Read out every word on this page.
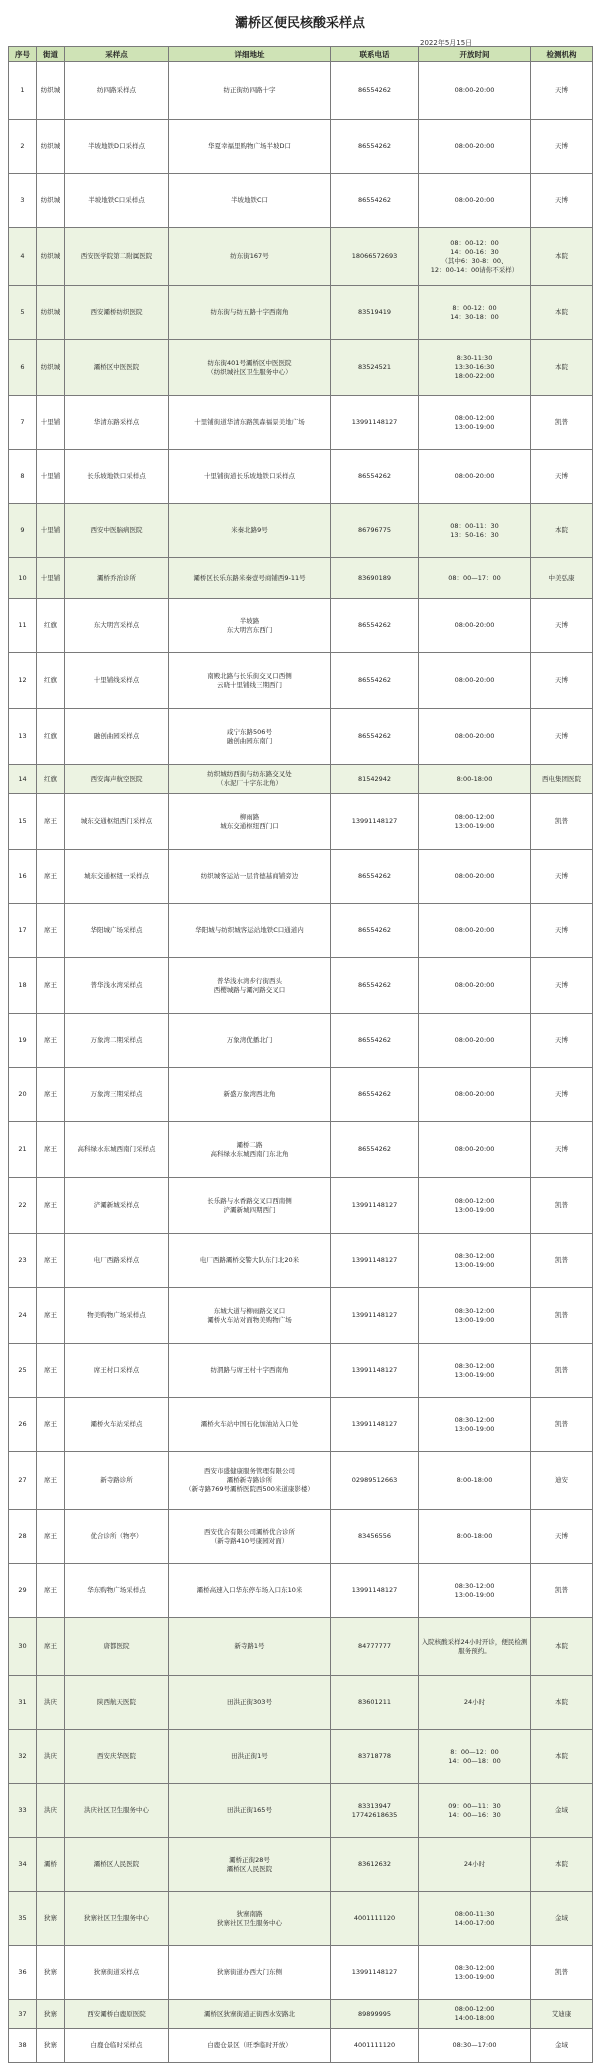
灞桥区便民核酸采样点
2022年5月15日
序号	街道	采样点	详细地址	联系电话	开放时间	检测机构
1	纺织城	纺四路采样点	纺正街纺四路十字	86554262	08:00-20:00	天博
2	纺织城	半坡地铁D口采样点	华夏幸福里购物广场半坡D口	86554262	08:00-20:00	天博
3	纺织城	半坡地铁C口采样点	半坡地铁C口	86554262	08:00-20:00	天博
4	纺织城	西安医学院第二附属医院	纺东街167号	18066572693	08：00-12：00
14：00-16：30
（其中6：30-8：00、
12：00-14：00请你不采样）	本院
5	纺织城	西安灞桥纺织医院	纺东街与纺五路十字西南角	83519419	8：00-12：00
14：30-18：00	本院
6	纺织城	灞桥区中医医院	纺东街401号灞桥区中医医院
（纺织城社区卫生服务中心）	83524521	8:30-11:30
13:30-16:30
18:00-22:00	本院
7	十里铺	华清东路采样点	十里铺街道华清东路凯森福景美地广场	13991148127	08:00-12:00
13:00-19:00	凯普
8	十里铺	长乐坡地铁口采样点	十里铺街道长乐坡地铁口采样点	86554262	08:00-20:00	天博
9	十里铺	西安中医脑病医院	米秦北路9号	86796775	08：00-11：30
13：50-16：30	本院
10	十里铺	灞桥乔治诊所	灞桥区长乐东路米秦壹号商铺西9-11号	83690189	08：00—17：00	中美弘康
11	红旗	东大明宫采样点	半坡路
东大明宫东西门	86554262	08:00-20:00	天博
12	红旗	十里铺线采样点	南殿北路与长乐街交叉口西侧
云晓十里铺线三期西门	86554262	08:00-20:00	天博
13	红旗	融创曲园采样点	咸宁东路506号
融创曲园东南门	86554262	08:00-20:00	天博
14	红旗	西安海声航空医院	纺织城纺西街与纺东路交叉处
（水泥厂十字东北角）	81542942	8:00-18:00	西电集团医院
15	席王	城东交通枢纽西门采样点	柳雨路
城东交通枢纽西门口	13991148127	08:00-12:00
13:00-19:00	凯普
16	席王	城东交通枢纽一采样点	纺织城客运站一层肯德基商铺旁边	86554262	08:00-20:00	天博
17	席王	华阳城广场采样点	华阳城与纺织城客运站地铁C口通道内	86554262	08:00-20:00	天博
18	席王	普华浅水湾采样点	普华浅水湾步行街西头
西樱城路与灞河路交叉口	86554262	08:00-20:00	天博
19	席王	万象湾二期采样点	万象湾优播北门	86554262	08:00-20:00	天博
20	席王	万象湾三期采样点	新盛万象湾西北角	86554262	08:00-20:00	天博
21	席王	高科绿水东城西南门采样点	灞桥二路
高科绿水东城西南门东北角	86554262	08:00-20:00	天博
22	席王	浐灞新城采样点	长乐路与水香路交叉口西南侧
浐灞新城四期西门	13991148127	08:00-12:00
13:00-19:00	凯普
23	席王	电厂西路采样点	电厂西路灞桥交警大队东门北20米	13991148127	08:30-12:00
13:00-19:00	凯普
24	席王	物美购物广场采样点	东城大道与柳雨路交叉口
灞桥火车站对面物美购物广场	13991148127	08:30-12:00
13:00-19:00	凯普
25	席王	席王村口采样点	纺渭路与席王村十字西南角	13991148127	08:30-12:00
13:00-19:00	凯普
26	席王	灞桥火车站采样点	灞桥火车站中国石化加油站入口处	13991148127	08:30-12:00
13:00-19:00	凯普
27	席王	新寺路诊所	西安市盛健康服务管理有限公司
灞桥新寺路诊所
（新寺路769号灞桥医院西500米道康影楼）	02989512663	8:00-18:00	迪安
28	席王	优合诊所（物亭）	西安优合有限公司灞桥优合诊所
（新寺路410号康园对面）	83456556	8:00-18:00	天博
29	席王	华东购物广场采样点	灞桥高速入口华东停车场入口东10米	13991148127	08:30-12:00
13:00-19:00	凯普
30	席王	唐都医院	新寺路1号	84777777	入院核酸采样24小时开诊，便民检测服务预约。	本院
31	洪庆	陕西航天医院	田洪正街303号	83601211	24小时	本院
32	洪庆	西安庆华医院	田洪正街1号	83718778	8：00—12：00
14：00—18：00	本院
33	洪庆	洪庆社区卫生服务中心	田洪正街165号	83313947
17742618635	09：00—11：30
14：00—16：30	金域
34	灞桥	灞桥区人民医院	灞桥正街28号
灞桥区人民医院	83612632	24小时	本院
35	狄寨	狄寨社区卫生服务中心	狄寨南路
狄寨社区卫生服务中心	4001111120	08:00-11:30
14:00-17:00	金域
36	狄寨	狄寨街道采样点	狄寨街道办西大门东侧	13991148127	08:30-12:00
13:00-19:00	凯普
37	狄寨	西安灞桥白鹿原医院	灞桥区狄寨街道正街西水安路北	89899995	08:00-12:00
14:00-18:00	艾迪康
38	狄寨	白鹿仓临时采样点	白鹿仓景区（旺季临时开放）	4001111120	08:30—17:00	金域
